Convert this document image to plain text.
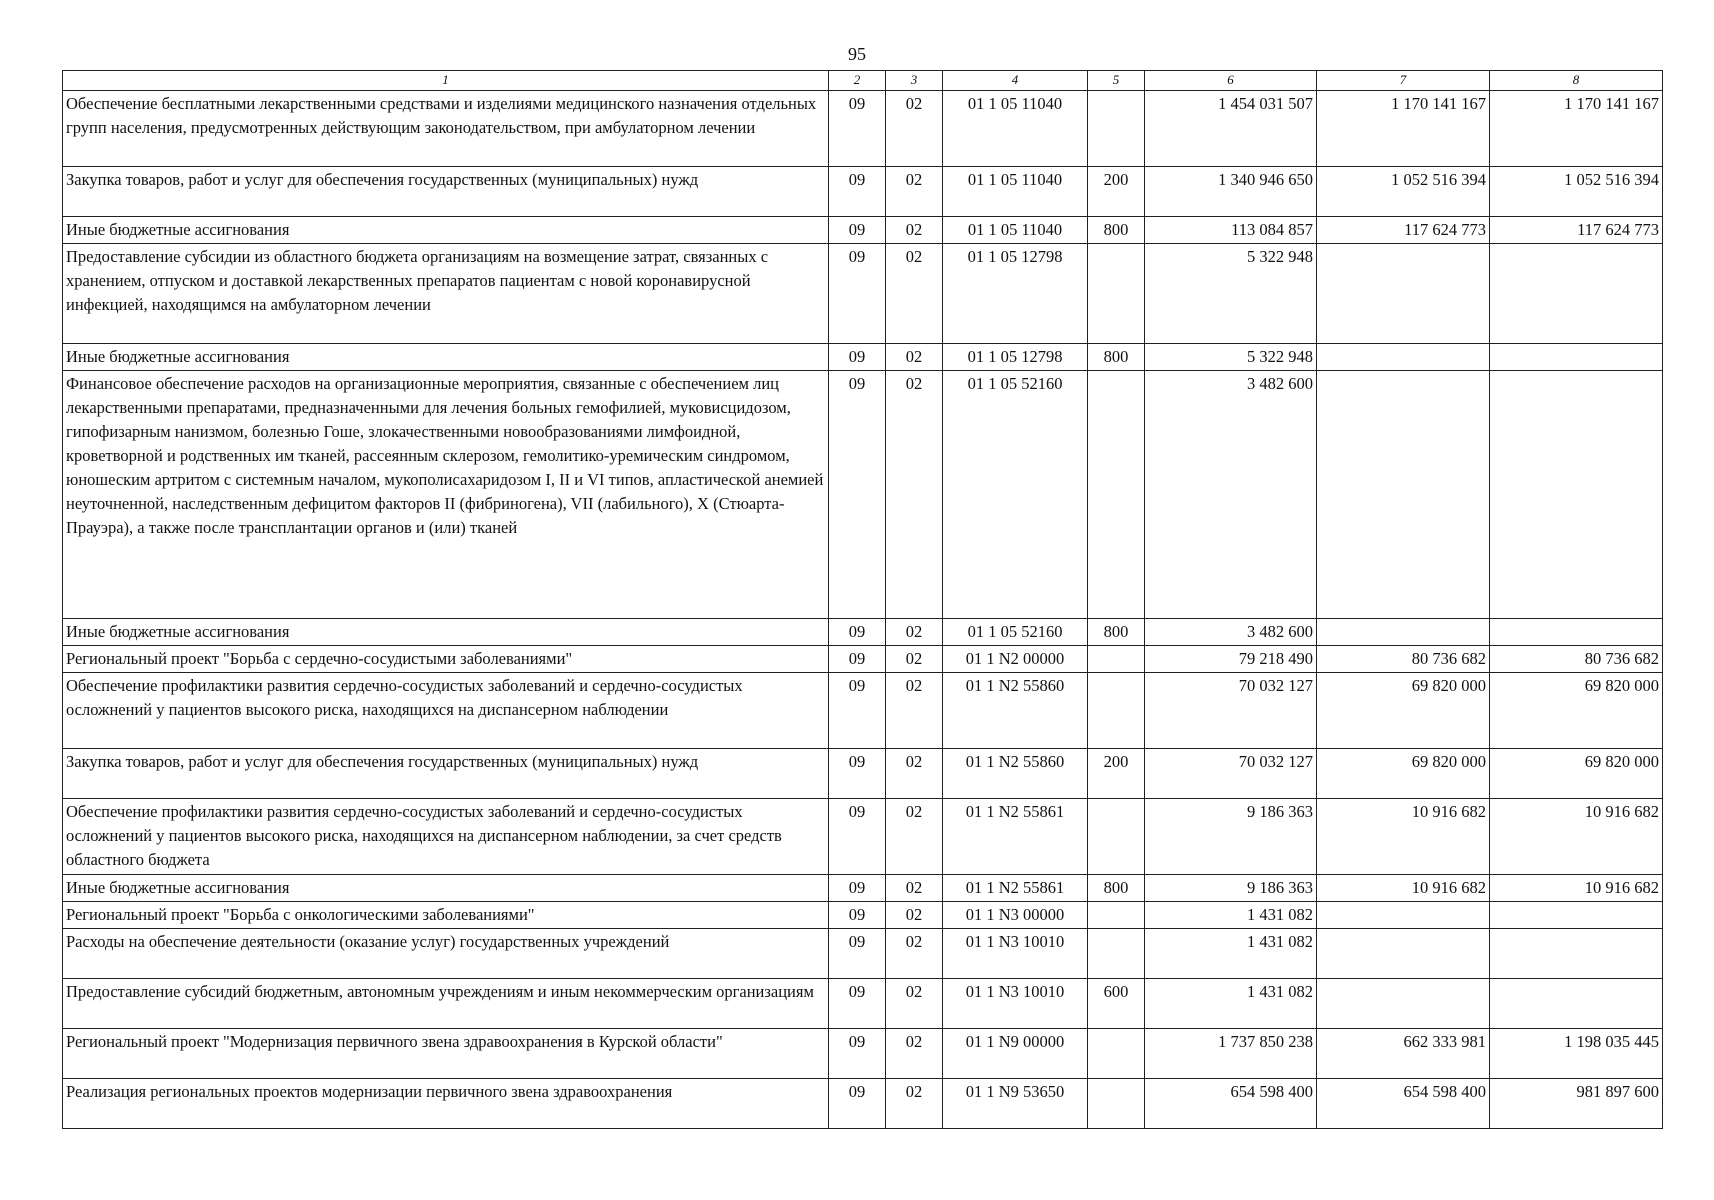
95
1	2	3	4	5	6	7	8
Обеспечение бесплатными лекарственными средствами и изделиями медицинского назначения отдельных групп населения, предусмотренных действующим законодательством, при амбулаторном лечении	09	02	01 1 05 11040		1 454 031 507	1 170 141 167	1 170 141 167
Закупка товаров, работ и услуг для обеспечения государственных (муниципальных) нужд	09	02	01 1 05 11040	200	1 340 946 650	1 052 516 394	1 052 516 394
Иные бюджетные ассигнования	09	02	01 1 05 11040	800	113 084 857	117 624 773	117 624 773
Предоставление субсидии из областного бюджета организациям на возмещение затрат, связанных с хранением, отпуском и доставкой лекарственных препаратов пациентам с новой коронавирусной инфекцией, находящимся на амбулаторном лечении	09	02	01 1 05 12798		5 322 948		
Иные бюджетные ассигнования	09	02	01 1 05 12798	800	5 322 948		
Финансовое обеспечение расходов на организационные мероприятия, связанные с обеспечением лиц лекарственными препаратами, предназначенными для лечения больных гемофилией, муковисцидозом, гипофизарным нанизмом, болезнью Гоше, злокачественными новообразованиями лимфоидной, кроветворной и родственных им тканей, рассеянным склерозом, гемолитико-уремическим синдромом, юношеским артритом с системным началом, мукополисахаридозом I, II и VI типов, апластической анемией неуточненной, наследственным дефицитом факторов II (фибриногена), VII (лабильного), X (Стюарта-Прауэра), а также после трансплантации органов и (или) тканей	09	02	01 1 05 52160		3 482 600		
Иные бюджетные ассигнования	09	02	01 1 05 52160	800	3 482 600		
Региональный проект "Борьба с сердечно-сосудистыми заболеваниями"	09	02	01 1 N2 00000		79 218 490	80 736 682	80 736 682
Обеспечение профилактики развития сердечно-сосудистых заболеваний и сердечно-сосудистых осложнений у пациентов высокого риска, находящихся на диспансерном наблюдении	09	02	01 1 N2 55860		70 032 127	69 820 000	69 820 000
Закупка товаров, работ и услуг для обеспечения государственных (муниципальных) нужд	09	02	01 1 N2 55860	200	70 032 127	69 820 000	69 820 000
Обеспечение профилактики развития сердечно-сосудистых заболеваний и сердечно-сосудистых осложнений у пациентов высокого риска, находящихся на диспансерном наблюдении, за счет средств областного бюджета	09	02	01 1 N2 55861		9 186 363	10 916 682	10 916 682
Иные бюджетные ассигнования	09	02	01 1 N2 55861	800	9 186 363	10 916 682	10 916 682
Региональный проект "Борьба с онкологическими заболеваниями"	09	02	01 1 N3 00000		1 431 082		
Расходы на обеспечение деятельности (оказание услуг) государственных учреждений	09	02	01 1 N3 10010		1 431 082		
Предоставление субсидий бюджетным, автономным учреждениям и иным некоммерческим организациям	09	02	01 1 N3 10010	600	1 431 082		
Региональный проект "Модернизация первичного звена здравоохранения в Курской области"	09	02	01 1 N9 00000		1 737 850 238	662 333 981	1 198 035 445
Реализация региональных проектов модернизации первичного звена здравоохранения	09	02	01 1 N9 53650		654 598 400	654 598 400	981 897 600
